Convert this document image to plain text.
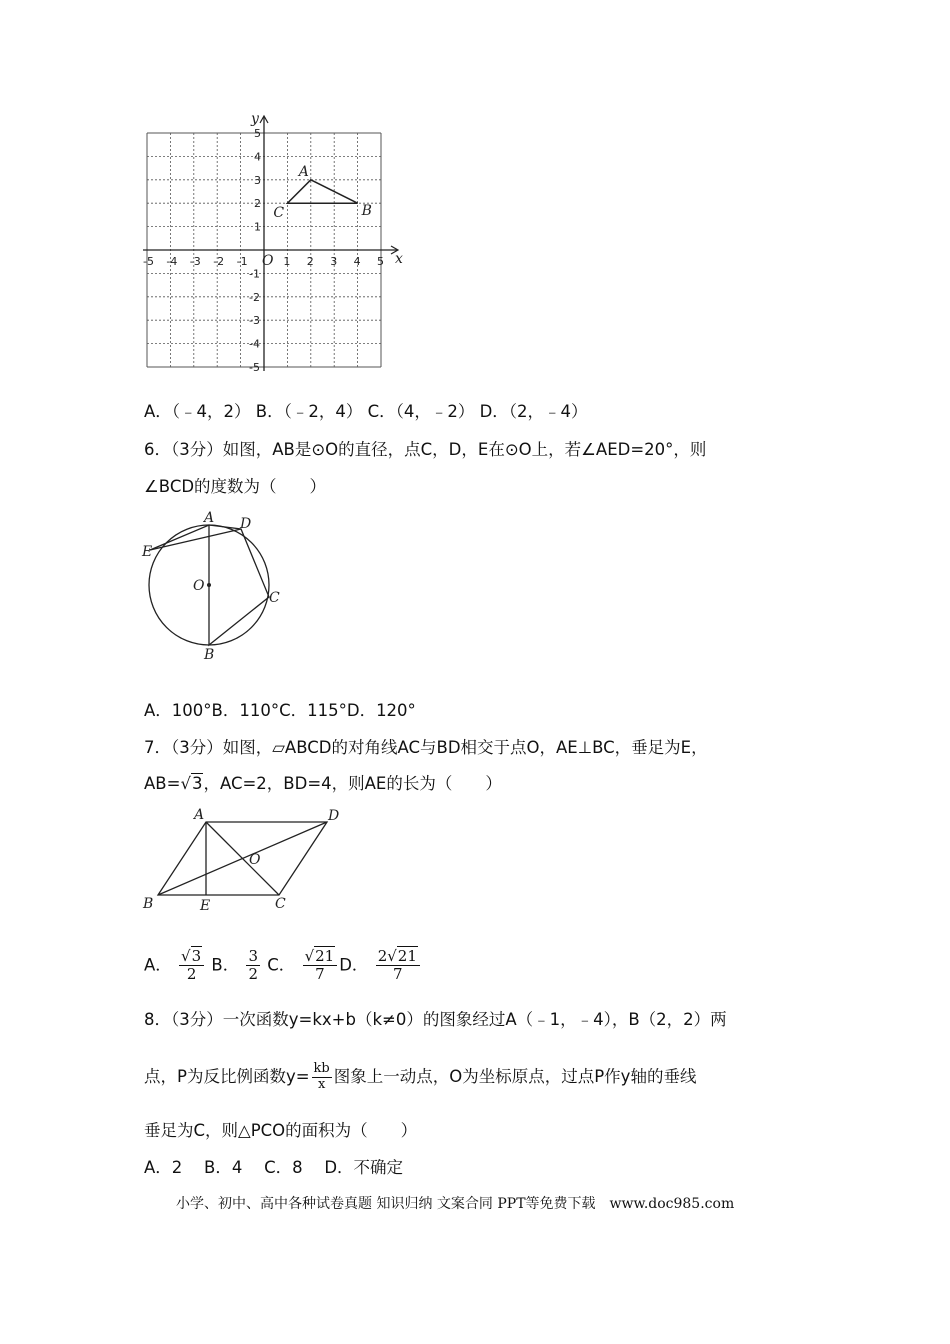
x
y
O
-5 -4 -3 -2 -1	1 2 3 4 5
5
4
3
2
1
-1
-2
-3
-4
-5
A
B
C
A．（﹣4，2） B．（﹣2，4） C．（4，﹣2） D．（2，﹣4）
6．（3分）如图，AB是⊙O的直径，点C，D，E在⊙O上，若∠AED=20°，则
∠BCD的度数为（　　）
A D
E
O
C
B
A．100°B．110°C．115°D．120°
7．（3分）如图，▱ABCD的对角线AC与BD相交于点O，AE⊥BC，垂足为E，
AB=√3，AC=2，BD=4，则AE的长为（　　）
A	D
O
B	E	C
A． $\frac{√3}{2}$ B． $\frac{3}{2}$ C． $\frac{√21}{7}$ D． $\frac{2√21}{7}$
8．（3分）一次函数y=kx+b（k≠0）的图象经过A（﹣1，﹣4），B（2，2）两
点，P为反比例函数$y= \frac{kb}{x}$ 图象上一动点，O为坐标原点，过点P作y轴的垂线
垂足为C，则△PCO的面积为（　　）
A．2　 B．4　 C．8　 D．不确定
小学、初中、高中各种试卷真题 知识归纳 文案合同 PPT等免费下载　www.doc985.com
